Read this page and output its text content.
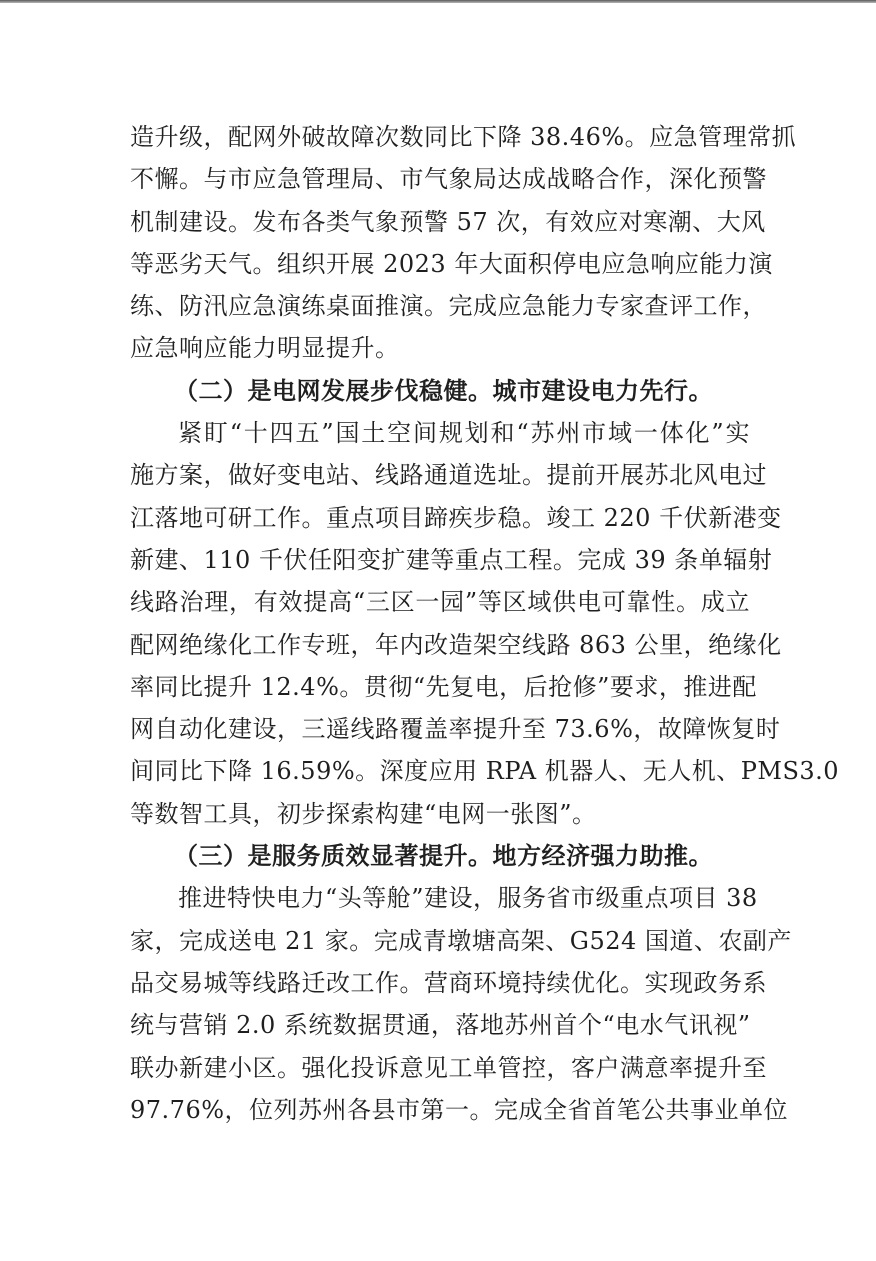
造升级，配网外破故障次数同比下降 38.46%。应急管理常抓
不懈。与市应急管理局、市气象局达成战略合作，深化预警
机制建设。发布各类气象预警 57 次，有效应对寒潮、大风
等恶劣天气。组织开展 2023 年大面积停电应急响应能力演
练、防汛应急演练桌面推演。完成应急能力专家查评工作，
应急响应能力明显提升。
（二）是电网发展步伐稳健。城市建设电力先行。
紧盯“十四五”国土空间规划和“苏州市域一体化”实
施方案，做好变电站、线路通道选址。提前开展苏北风电过
江落地可研工作。重点项目蹄疾步稳。竣工 220 千伏新港变
新建、110 千伏任阳变扩建等重点工程。完成 39 条单辐射
线路治理，有效提高“三区一园”等区域供电可靠性。成立
配网绝缘化工作专班，年内改造架空线路 863 公里，绝缘化
率同比提升 12.4%。贯彻“先复电，后抢修”要求，推进配
网自动化建设，三遥线路覆盖率提升至 73.6%，故障恢复时
间同比下降 16.59%。深度应用 RPA 机器人、无人机、PMS3.0
等数智工具，初步探索构建“电网一张图”。
（三）是服务质效显著提升。地方经济强力助推。
推进特快电力“头等舱”建设，服务省市级重点项目 38
家，完成送电 21 家。完成青墩塘高架、G524 国道、农副产
品交易城等线路迁改工作。营商环境持续优化。实现政务系
统与营销 2.0 系统数据贯通，落地苏州首个“电水气讯视”
联办新建小区。强化投诉意见工单管控，客户满意率提升至
97.76%，位列苏州各县市第一。完成全省首笔公共事业单位
